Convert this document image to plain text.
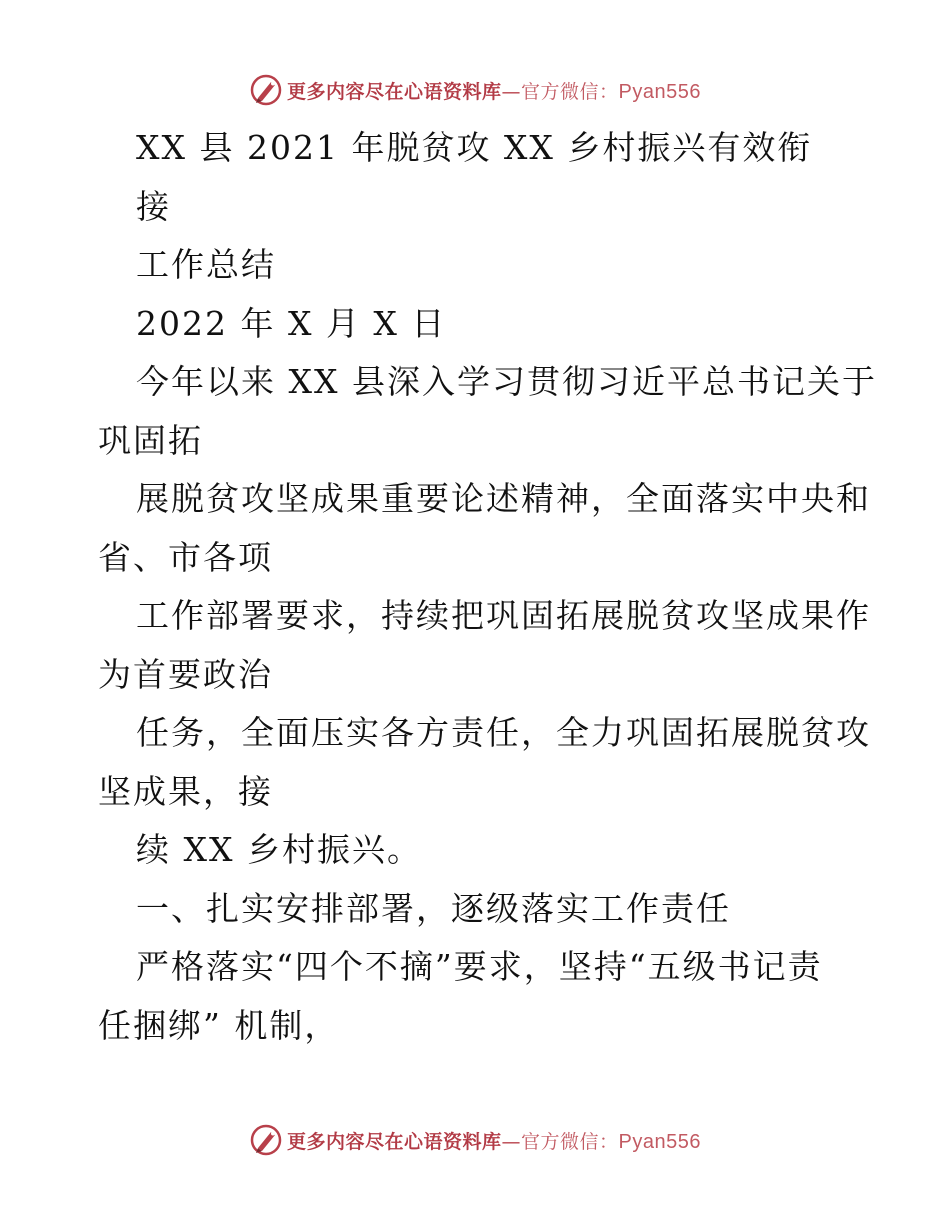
更多内容尽在心语资料库—官方微信：Pyan556
XX 县 2021 年脱贫攻 XX 乡村振兴有效衔
接
工作总结
2022 年 X 月 X 日
今年以来 XX 县深入学习贯彻习近平总书记关于
巩固拓
展脱贫攻坚成果重要论述精神，全面落实中央和
省、市各项
工作部署要求，持续把巩固拓展脱贫攻坚成果作
为首要政治
任务，全面压实各方责任，全力巩固拓展脱贫攻
坚成果，接
续 XX 乡村振兴。
一、扎实安排部署，逐级落实工作责任
严格落实“四个不摘”要求，坚持“五级书记责
任捆绑” 机制，
更多内容尽在心语资料库—官方微信：Pyan556
